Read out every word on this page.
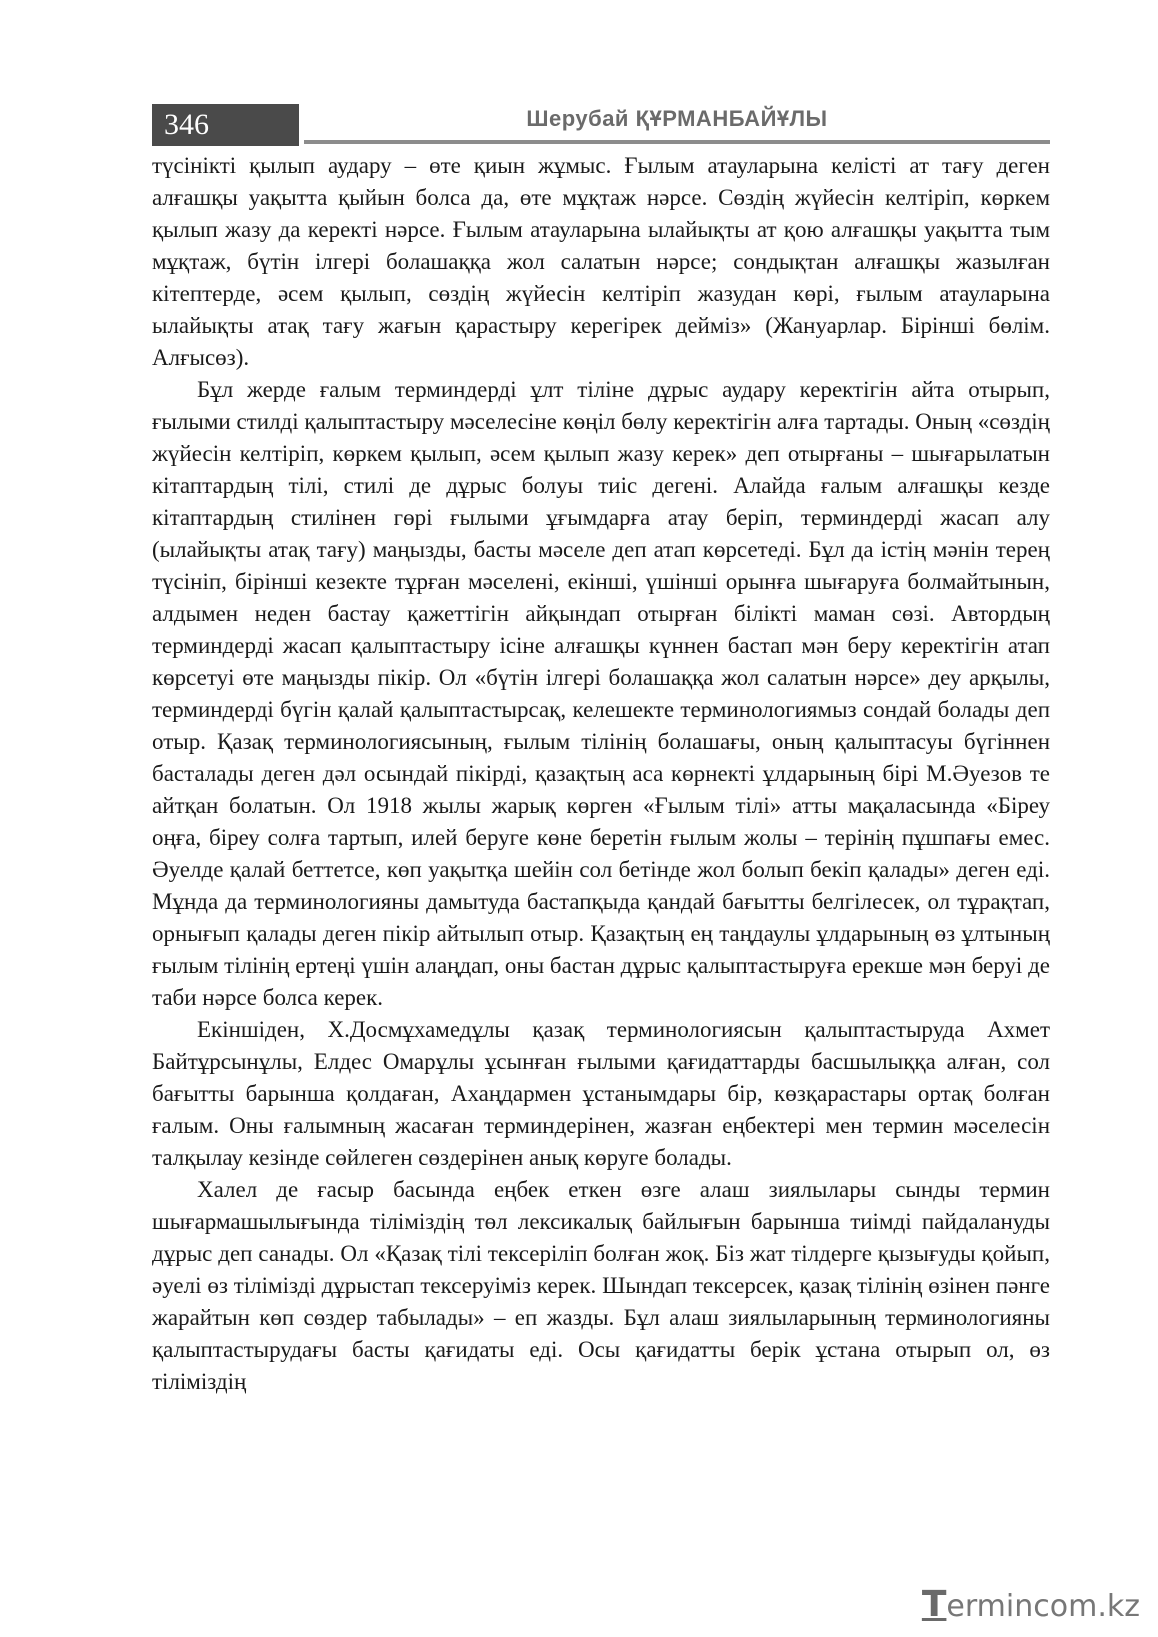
346	Шерубай ҚҰРМАНБАЙҰЛЫ

түсінікті қылып аудару – өте қиын жұмыс. Ғылым атауларына келісті ат тағу деген алғашқы уақытта қыйын болса да, өте мұқтаж нәрсе. Сөздің жүйесін келтіріп, көркем қылып жазу да керекті нәрсе. Ғылым атауларына ылайықты ат қою алғашқы уақытта тым мұқтаж, бүтін ілгері болашаққа жол салатын нәрсе; сондықтан алғашқы жазылған кітептерде, әсем қылып, сөздің жүйесін келтіріп жазудан көрі, ғылым атауларына ылайықты атақ тағу жағын қарастыру керегірек дейміз» (Жануарлар. Бірінші бөлім. Алғысөз).

Бұл жерде ғалым терминдерді ұлт тіліне дұрыс аудару керектігін айта отырып, ғылыми стилді қалыптастыру мәселесіне көңіл бөлу керектігін алға тартады. Оның «сөздің жүйесін келтіріп, көркем қылып, әсем қылып жазу керек» деп отырғаны – шығарылатын кітаптардың тілі, стилі де дұрыс болуы тиіс дегені. Алайда ғалым алғашқы кезде кітаптардың стилінен гөрі ғылыми ұғымдарға атау беріп, терминдерді жасап алу (ылайықты атақ тағу) маңызды, басты мәселе деп атап көрсетеді. Бұл да істің мәнін терең түсініп, бірінші кезекте тұрған мәселені, екінші, үшінші орынға шығаруға болмайтынын, алдымен неден бастау қажеттігін айқындап отырған білікті маман сөзі. Автордың терминдерді жасап қалыптастыру ісіне алғашқы күннен бастап мән беру керектігін атап көрсетуі өте маңызды пікір. Ол «бүтін ілгері болашаққа жол салатын нәрсе» деу арқылы, терминдерді бүгін қалай қалыптастырсақ, келешекте терминологиямыз сондай болады деп отыр. Қазақ терминологиясының, ғылым тілінің болашағы, оның қалыптасуы бүгіннен басталады деген дәл осындай пікірді, қазақтың аса көрнекті ұлдарының бірі М.Әуезов те айтқан болатын. Ол 1918 жылы жарық көрген «Ғылым тілі» атты мақаласында «Біреу оңға, біреу солға тартып, илей беруге көне беретін ғылым жолы – терінің пұшпағы емес. Әуелде қалай беттетсе, көп уақытқа шейін сол бетінде жол болып бекіп қалады» деген еді. Мұнда да терминологияны дамытуда бастапқыда қандай бағытты белгілесек, ол тұрақтап, орнығып қалады деген пікір айтылып отыр. Қазақтың ең таңдаулы ұлдарының өз ұлтының ғылым тілінің ертеңі үшін алаңдап, оны бастан дұрыс қалыптастыруға ерекше мән беруі де таби нәрсе болса керек.

Екіншіден, Х.Досмұхамедұлы қазақ терминологиясын қалыптастыруда Ахмет Байтұрсынұлы, Елдес Омарұлы ұсынған ғылыми қағидаттарды басшылыққа алған, сол бағытты барынша қолдаған, Ахаңдармен ұстанымдары бір, көзқарастары ортақ болған ғалым. Оны ғалымның жасаған терминдерінен, жазған еңбектері мен термин мәселесін талқылау кезінде сөйлеген сөздерінен анық көруге болады.

Халел де ғасыр басында еңбек еткен өзге алаш зиялылары сынды термин шығармашылығында тіліміздің төл лексикалық байлығын барынша тиімді пайдалануды дұрыс деп санады. Ол «Қазақ тілі тексеріліп болған жоқ. Біз жат тілдерге қызығуды қойып, әуелі өз тілімізді дұрыстап тексеруіміз керек. Шындап тексерсек, қазақ тілінің өзінен пәнге жарайтын көп сөздер табылады» – еп жазды. Бұл алаш зиялыларының терминологияны қалыптастырудағы басты қағидаты еді. Осы қағидатты берік ұстана отырып ол, өз тіліміздің

T ermincom.kz
